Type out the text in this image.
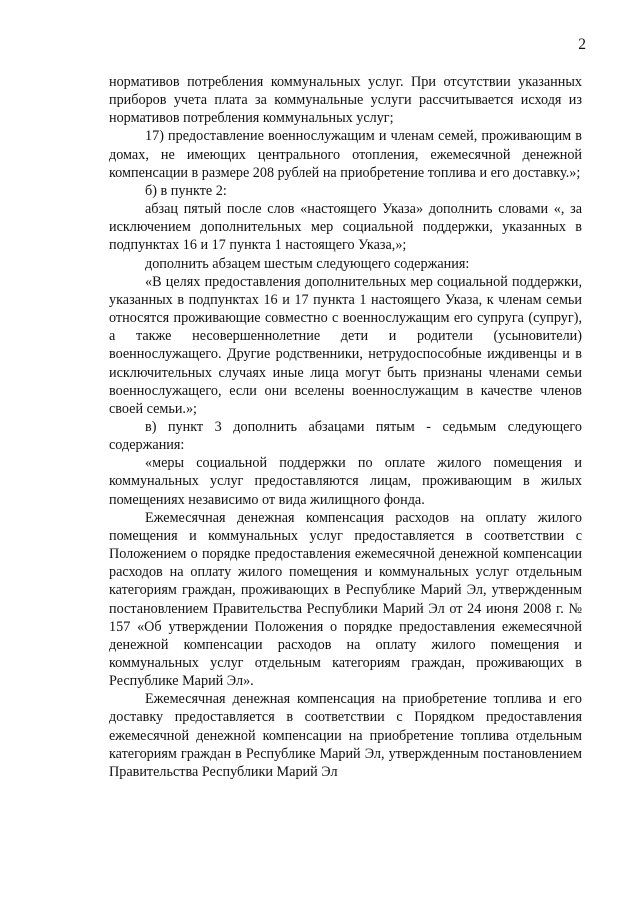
2

нормативов потребления коммунальных услуг. При отсутствии указанных приборов учета плата за коммунальные услуги рассчитывается исходя из нормативов потребления коммунальных услуг;

17) предоставление военнослужащим и членам семей, проживающим в домах, не имеющих центрального отопления, ежемесячной денежной компенсации в размере 208 рублей на приобретение топлива и его доставку.»;

б) в пункте 2:

абзац пятый после слов «настоящего Указа» дополнить словами «, за исключением дополнительных мер социальной поддержки, указанных в подпунктах 16 и 17 пункта 1 настоящего Указа,»;

дополнить абзацем шестым следующего содержания:

«В целях предоставления дополнительных мер социальной поддержки, указанных в подпунктах 16 и 17 пункта 1 настоящего Указа, к членам семьи относятся проживающие совместно с военнослужащим его супруга (супруг), а также несовершеннолетние дети и родители (усыновители) военнослужащего. Другие родственники, нетрудоспособные иждивенцы и в исключительных случаях иные лица могут быть признаны членами семьи военнослужащего, если они вселены военнослужащим в качестве членов своей семьи.»;

в) пункт 3 дополнить абзацами пятым - седьмым следующего содержания:

«меры социальной поддержки по оплате жилого помещения и коммунальных услуг предоставляются лицам, проживающим в жилых помещениях независимо от вида жилищного фонда.

Ежемесячная денежная компенсация расходов на оплату жилого помещения и коммунальных услуг предоставляется в соответствии с Положением о порядке предоставления ежемесячной денежной компенсации расходов на оплату жилого помещения и коммунальных услуг отдельным категориям граждан, проживающих в Республике Марий Эл, утвержденным постановлением Правительства Республики Марий Эл от 24 июня 2008 г. № 157 «Об утверждении Положения о порядке предоставления ежемесячной денежной компенсации расходов на оплату жилого помещения и коммунальных услуг отдельным категориям граждан, проживающих в Республике Марий Эл».

Ежемесячная денежная компенсация на приобретение топлива и его доставку предоставляется в соответствии с Порядком предоставления ежемесячной денежной компенсации на приобретение топлива отдельным категориям граждан в Республике Марий Эл, утвержденным постановлением Правительства Республики Марий Эл
